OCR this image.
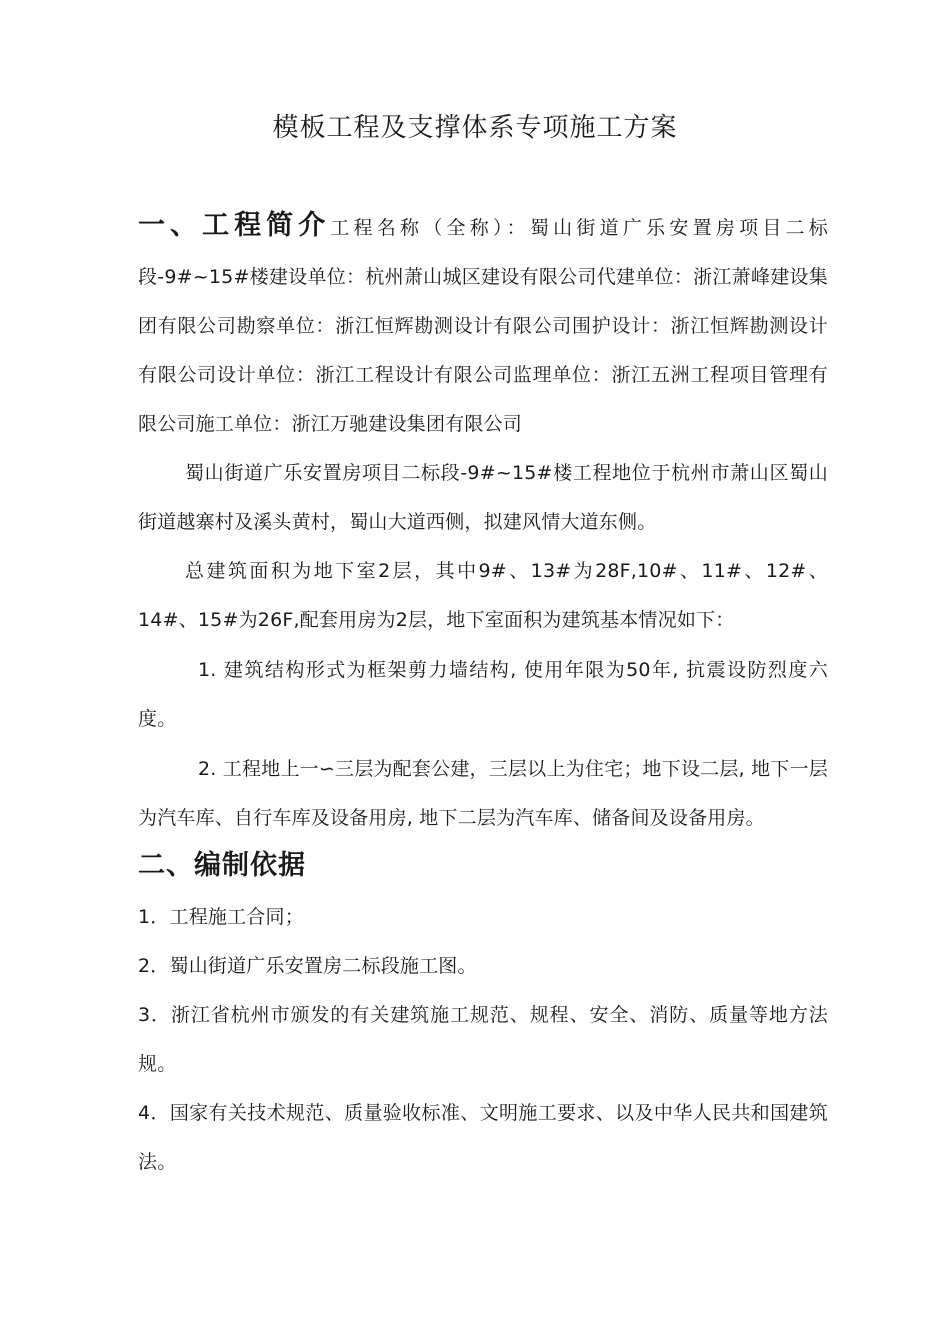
模板工程及支撑体系专项施工方案
一、工程简介工程名称（全称）：蜀山街道广乐安置房项目二标段-9#~15#楼建设单位：杭州萧山城区建设有限公司代建单位：浙江萧峰建设集团有限公司勘察单位：浙江恒辉勘测设计有限公司围护设计：浙江恒辉勘测设计有限公司设计单位：浙江工程设计有限公司监理单位：浙江五洲工程项目管理有限公司施工单位：浙江万驰建设集团有限公司
蜀山街道广乐安置房项目二标段-9#~15#楼工程地位于杭州市萧山区蜀山街道越寨村及溪头黄村，蜀山大道西侧，拟建风情大道东侧。
总建筑面积为地下室2层，其中9#、13#为28F,10#、11#、12#、14#、15#为26F,配套用房为2层，地下室面积为建筑基本情况如下：
1. 建筑结构形式为框架剪力墙结构, 使用年限为50年, 抗震设防烈度六度。
2. 工程地上一∽三层为配套公建，三层以上为住宅；地下设二层, 地下一层为汽车库、自行车库及设备用房, 地下二层为汽车库、储备间及设备用房。
二、编制依据
1．工程施工合同；
2．蜀山街道广乐安置房二标段施工图。
3．浙江省杭州市颁发的有关建筑施工规范、规程、安全、消防、质量等地方法规。
4．国家有关技术规范、质量验收标准、文明施工要求、以及中华人民共和国建筑法。
